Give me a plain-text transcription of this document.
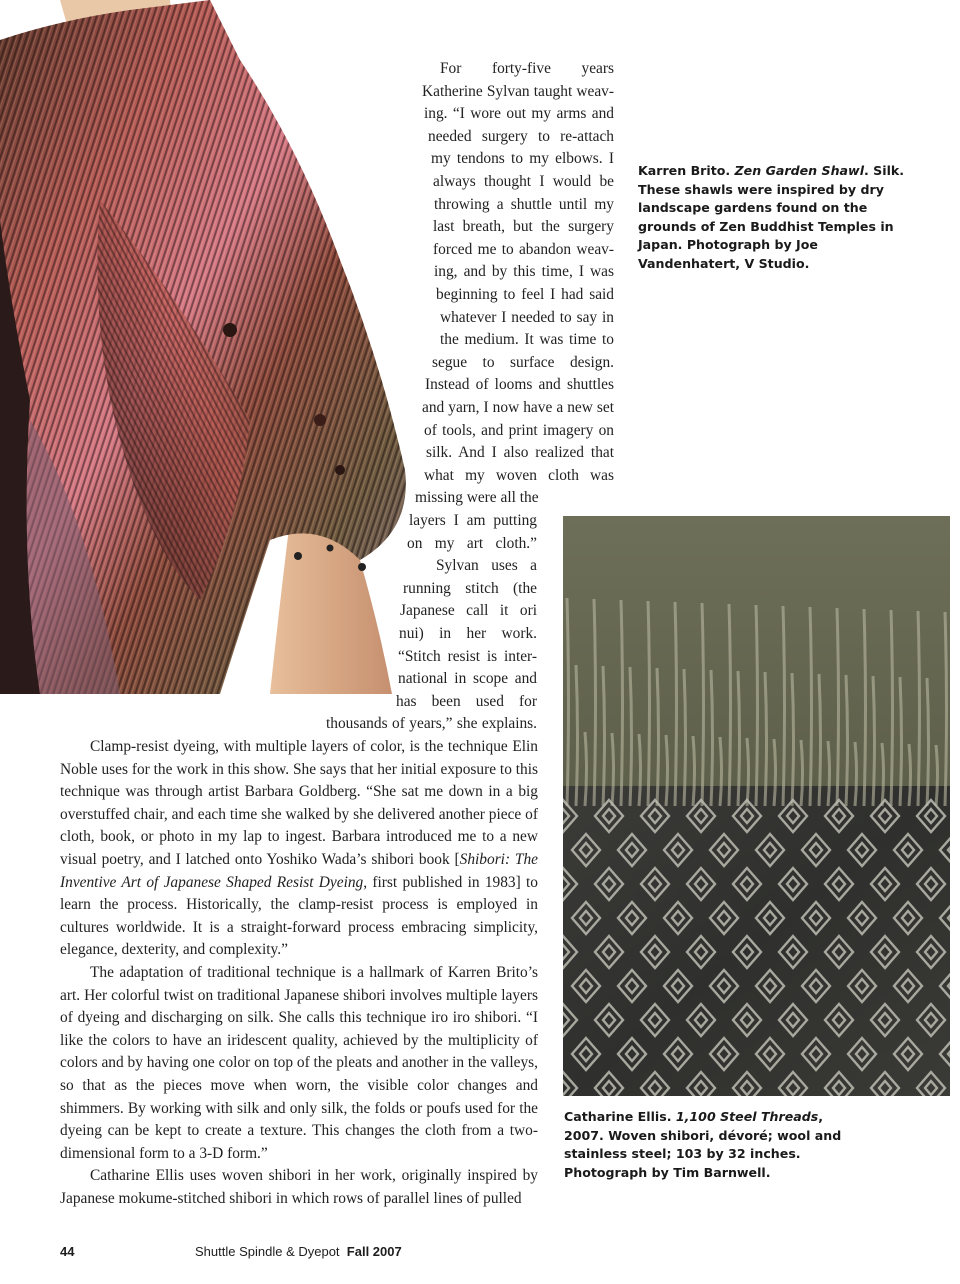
For forty-five years
Katherine Sylvan taught weav-
ing. “I wore out my arms and
needed surgery to re-attach
my tendons to my elbows. I
always thought I would be
throwing a shuttle until my
last breath, but the surgery
forced me to abandon weav-
ing, and by this time, I was
beginning to feel I had said
whatever I needed to say in
the medium. It was time to
segue to surface design.
Instead of looms and shuttles
and yarn, I now have a new set
of tools, and print imagery on
silk. And I also realized that
what my woven cloth was
missing were all the
layers I am putting
on my art cloth.”
Sylvan uses a
running stitch (the
Japanese call it ori
nui) in her work.
“Stitch resist is inter-
national in scope and
has been used for
thousands of years,” she explains.

Clamp-resist dyeing, with multiple layers of color, is the technique Elin Noble uses for the work in this show. She says that her initial exposure to this technique was through artist Barbara Goldberg. “She sat me down in a big overstuffed chair, and each time she walked by she delivered another piece of cloth, book, or photo in my lap to ingest. Barbara introduced me to a new visual poetry, and I latched onto Yoshiko Wada’s shibori book [Shibori: The Inventive Art of Japanese Shaped Resist Dyeing, first published in 1983] to learn the process. Historically, the clamp-resist process is employed in cultures worldwide. It is a straight-forward process embracing simplicity, elegance, dexterity, and complexity.”

The adaptation of traditional technique is a hallmark of Karren Brito’s art. Her colorful twist on traditional Japanese shibori involves multiple layers of dyeing and discharging on silk. She calls this technique iro iro shibori. “I like the colors to have an iridescent quality, achieved by the multiplicity of colors and by having one color on top of the pleats and another in the valleys, so that as the pieces move when worn, the visible color changes and shimmers. By working with silk and only silk, the folds or poufs used for the dyeing can be kept to create a texture. This changes the cloth from a two-dimensional form to a 3-D form.”

Catharine Ellis uses woven shibori in her work, originally inspired by Japanese mokume-stitched shibori in which rows of parallel lines of pulled

Karren Brito. Zen Garden Shawl. Silk. These shawls were inspired by dry landscape gardens found on the grounds of Zen Buddhist Temples in Japan. Photograph by Joe Vandenhatert, V Studio.
Catharine Ellis. 1,100 Steel Threads, 2007. Woven shibori, dévoré; wool and stainless steel; 103 by 32 inches. Photograph by Tim Barnwell.
44	Shuttle Spindle & Dyepot Fall 2007
